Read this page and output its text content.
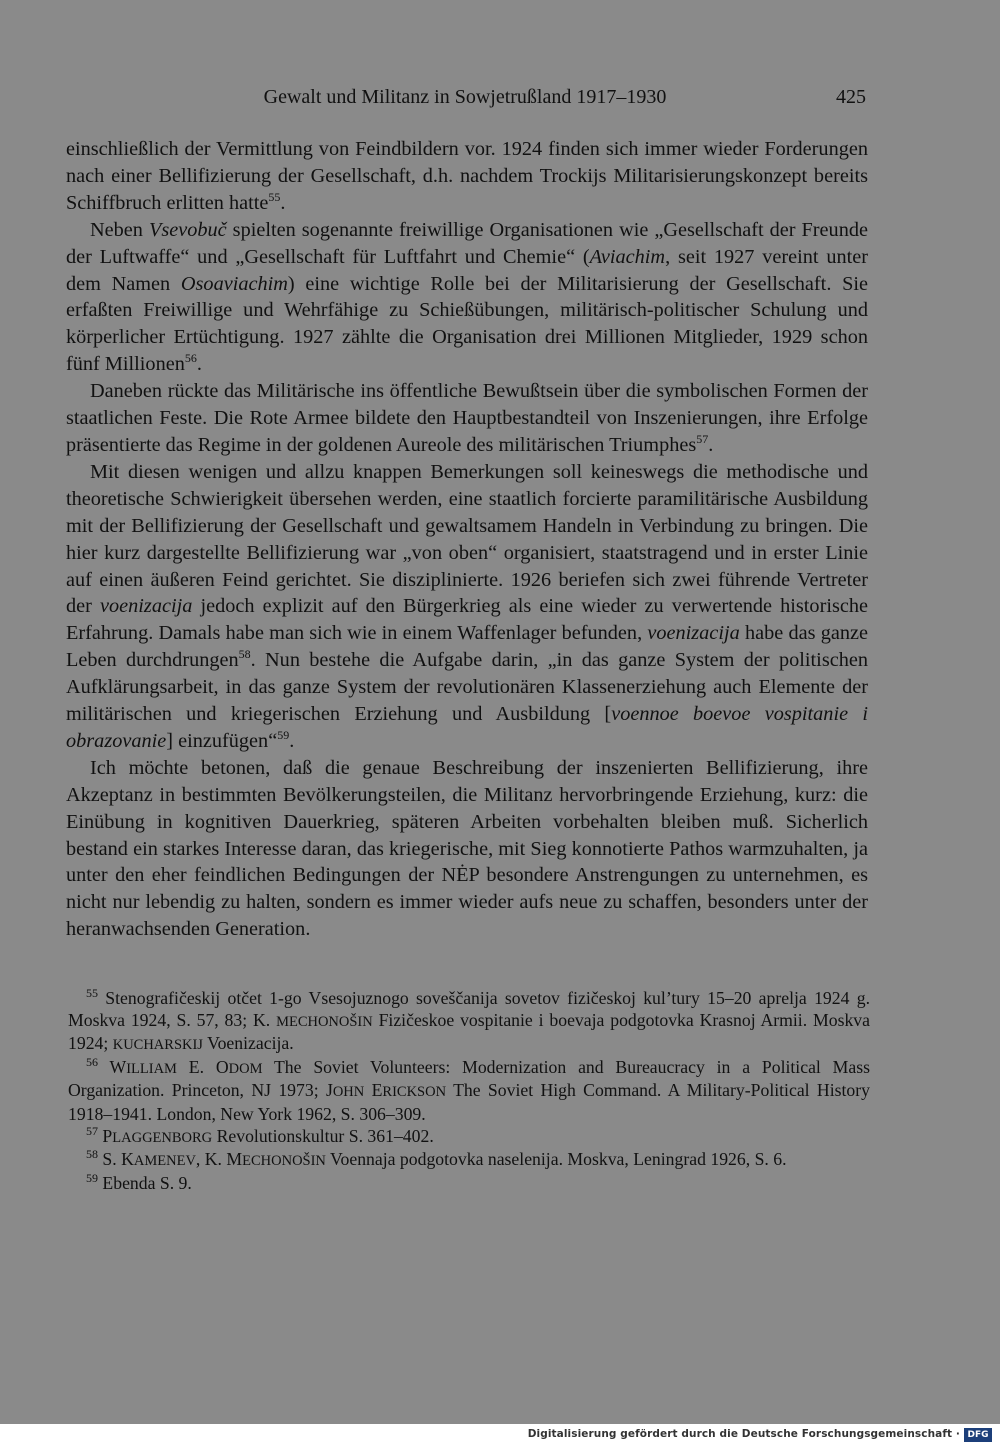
Gewalt und Militanz in Sowjetrußland 1917–1930	425

einschließlich der Vermittlung von Feindbildern vor. 1924 finden sich immer wieder Forderungen nach einer Bellifizierung der Gesellschaft, d.h. nachdem Trockijs Militarisierungskonzept bereits Schiffbruch erlitten hatte$^{55}$.

Neben Vsevobuč spielten sogenannte freiwillige Organisationen wie „Gesellschaft der Freunde der Luftwaffe“ und „Gesellschaft für Luftfahrt und Chemie“ (Aviachim, seit 1927 vereint unter dem Namen Osoaviachim) eine wichtige Rolle bei der Militarisierung der Gesellschaft. Sie erfaßten Freiwillige und Wehrfähige zu Schießübungen, militärisch-politischer Schulung und körperlicher Ertüchtigung. 1927 zählte die Organisation drei Millionen Mitglieder, 1929 schon fünf Millionen$^{56}$.

Daneben rückte das Militärische ins öffentliche Bewußtsein über die symbolischen Formen der staatlichen Feste. Die Rote Armee bildete den Hauptbestandteil von Inszenierungen, ihre Erfolge präsentierte das Regime in der goldenen Aureole des militärischen Triumphes$^{57}$.

Mit diesen wenigen und allzu knappen Bemerkungen soll keineswegs die methodische und theoretische Schwierigkeit übersehen werden, eine staatlich forcierte paramilitärische Ausbildung mit der Bellifizierung der Gesellschaft und gewaltsamem Handeln in Verbindung zu bringen. Die hier kurz dargestellte Bellifizierung war „von oben“ organisiert, staatstragend und in erster Linie auf einen äußeren Feind gerichtet. Sie disziplinierte. 1926 beriefen sich zwei führende Vertreter der voenizacija jedoch explizit auf den Bürgerkrieg als eine wieder zu verwertende historische Erfahrung. Damals habe man sich wie in einem Waffenlager befunden, voenizacija habe das ganze Leben durchdrungen$^{58}$. Nun bestehe die Aufgabe darin, „in das ganze System der politischen Aufklärungsarbeit, in das ganze System der revolutionären Klassenerziehung auch Elemente der militärischen und kriegerischen Erziehung und Ausbildung [voennoe boevoe vospitanie i obrazovanie] einzufügen“$^{59}$.

Ich möchte betonen, daß die genaue Beschreibung der inszenierten Bellifizierung, ihre Akzeptanz in bestimmten Bevölkerungsteilen, die Militanz hervorbringende Erziehung, kurz: die Einübung in kognitiven Dauerkrieg, späteren Arbeiten vorbehalten bleiben muß. Sicherlich bestand ein starkes Interesse daran, das kriegerische, mit Sieg konnotierte Pathos warmzuhalten, ja unter den eher feindlichen Bedingungen der NĖP besondere Anstrengungen zu unternehmen, es nicht nur lebendig zu halten, sondern es immer wieder aufs neue zu schaffen, besonders unter der heranwachsenden Generation.

$^{55}$ Stenografičeskij otčet 1-go Vsesojuznogo soveščanija sovetov fizičeskoj kul’tury 15–20 aprelja 1924 g. Moskva 1924, S. 57, 83; K. MECHONOŠIN Fizičeskoe vospitanie i boevaja podgotovka Krasnoj Armii. Moskva 1924; KUCHARSKIJ Voenizacija.

$^{56}$ WILLIAM E. ODOM The Soviet Volunteers: Modernization and Bureaucracy in a Political Mass Organization. Princeton, NJ 1973; JOHN ERICKSON The Soviet High Command. A Military-Political History 1918–1941. London, New York 1962, S. 306–309.

$^{57}$ PLAGGENBORG Revolutionskultur S. 361–402.

$^{58}$ S. KAMENEV, K. MECHONOŠIN Voennaja podgotovka naselenija. Moskva, Leningrad 1926, S. 6.

$^{59}$ Ebenda S. 9.

Digitalisierung gefördert durch die Deutsche Forschungsgemeinschaft · DFG
